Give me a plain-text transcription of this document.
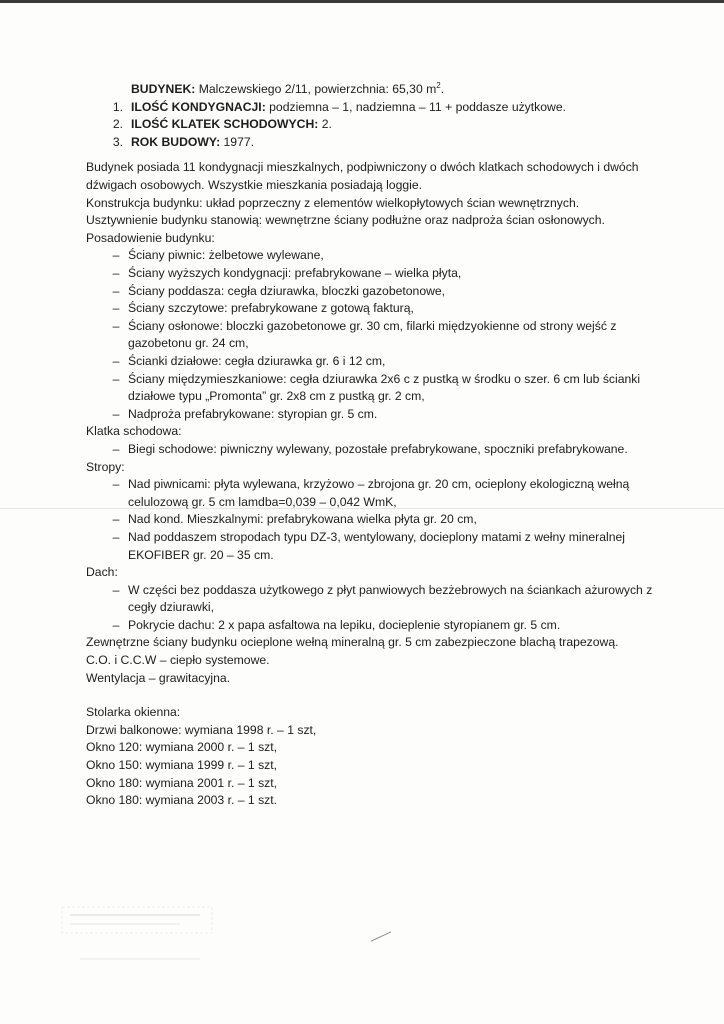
BUDYNEK: Malczewskiego 2/11, powierzchnia: 65,30 $m^2$.
1. ILOŚĆ KONDYGNACJI: podziemna – 1, nadziemna – 11 + poddasze użytkowe.
2. ILOŚĆ KLATEK SCHODOWYCH: 2.
3. ROK BUDOWY: 1977.
Budynek posiada 11 kondygnacji mieszkalnych, podpiwniczony o dwóch klatkach schodowych i dwóch
dźwigach osobowych. Wszystkie mieszkania posiadają loggie.
Konstrukcja budynku: układ poprzeczny z elementów wielkopłytowych ścian wewnętrznych.
Usztywnienie budynku stanowią: wewnętrzne ściany podłużne oraz nadproża ścian osłonowych.
Posadowienie budynku:
– Ściany piwnic: żelbetowe wylewane,
– Ściany wyższych kondygnacji: prefabrykowane – wielka płyta,
– Ściany poddasza: cegła dziurawka, bloczki gazobetonowe,
– Ściany szczytowe: prefabrykowane z gotową fakturą,
– Ściany osłonowe: bloczki gazobetonowe gr. 30 cm, filarki międzyokienne od strony wejść z gazobetonu gr. 24 cm,
– Ścianki działowe: cegła dziurawka gr. 6 i 12 cm,
– Ściany międzymieszkaniowe: cegła dziurawka 2x6 c z pustką w środku o szer. 6 cm lub ścianki działowe typu „Promonta” gr. 2x8 cm z pustką gr. 2 cm,
– Nadproża prefabrykowane: styropian gr. 5 cm.
Klatka schodowa:
– Biegi schodowe: piwniczny wylewany, pozostałe prefabrykowane, spoczniki prefabrykowane.
Stropy:
– Nad piwnicami: płyta wylewana, krzyżowo – zbrojona gr. 20 cm, ocieplony ekologiczną wełną celulozową gr. 5 cm lamdba=0,039 – 0,042 WmK,
– Nad kond. Mieszkalnymi: prefabrykowana wielka płyta gr. 20 cm,
– Nad poddaszem stropodach typu DZ-3, wentylowany, docieplony matami z wełny mineralnej EKOFIBER gr. 20 – 35 cm.
Dach:
– W części bez poddasza użytkowego z płyt panwiowych bezżebrowych na ściankach ażurowych z cegły dziurawki,
– Pokrycie dachu: 2 x papa asfaltowa na lepiku, docieplenie styropianem gr. 5 cm.
Zewnętrzne ściany budynku ocieplone wełną mineralną gr. 5 cm zabezpieczone blachą trapezową.
C.O. i C.C.W – ciepło systemowe.
Wentylacja – grawitacyjna.
Stolarka okienna:
Drzwi balkonowe: wymiana 1998 r. – 1 szt,
Okno 120: wymiana 2000 r. – 1 szt,
Okno 150: wymiana 1999 r. – 1 szt,
Okno 180: wymiana 2001 r. – 1 szt,
Okno 180: wymiana 2003 r. – 1 szt.
